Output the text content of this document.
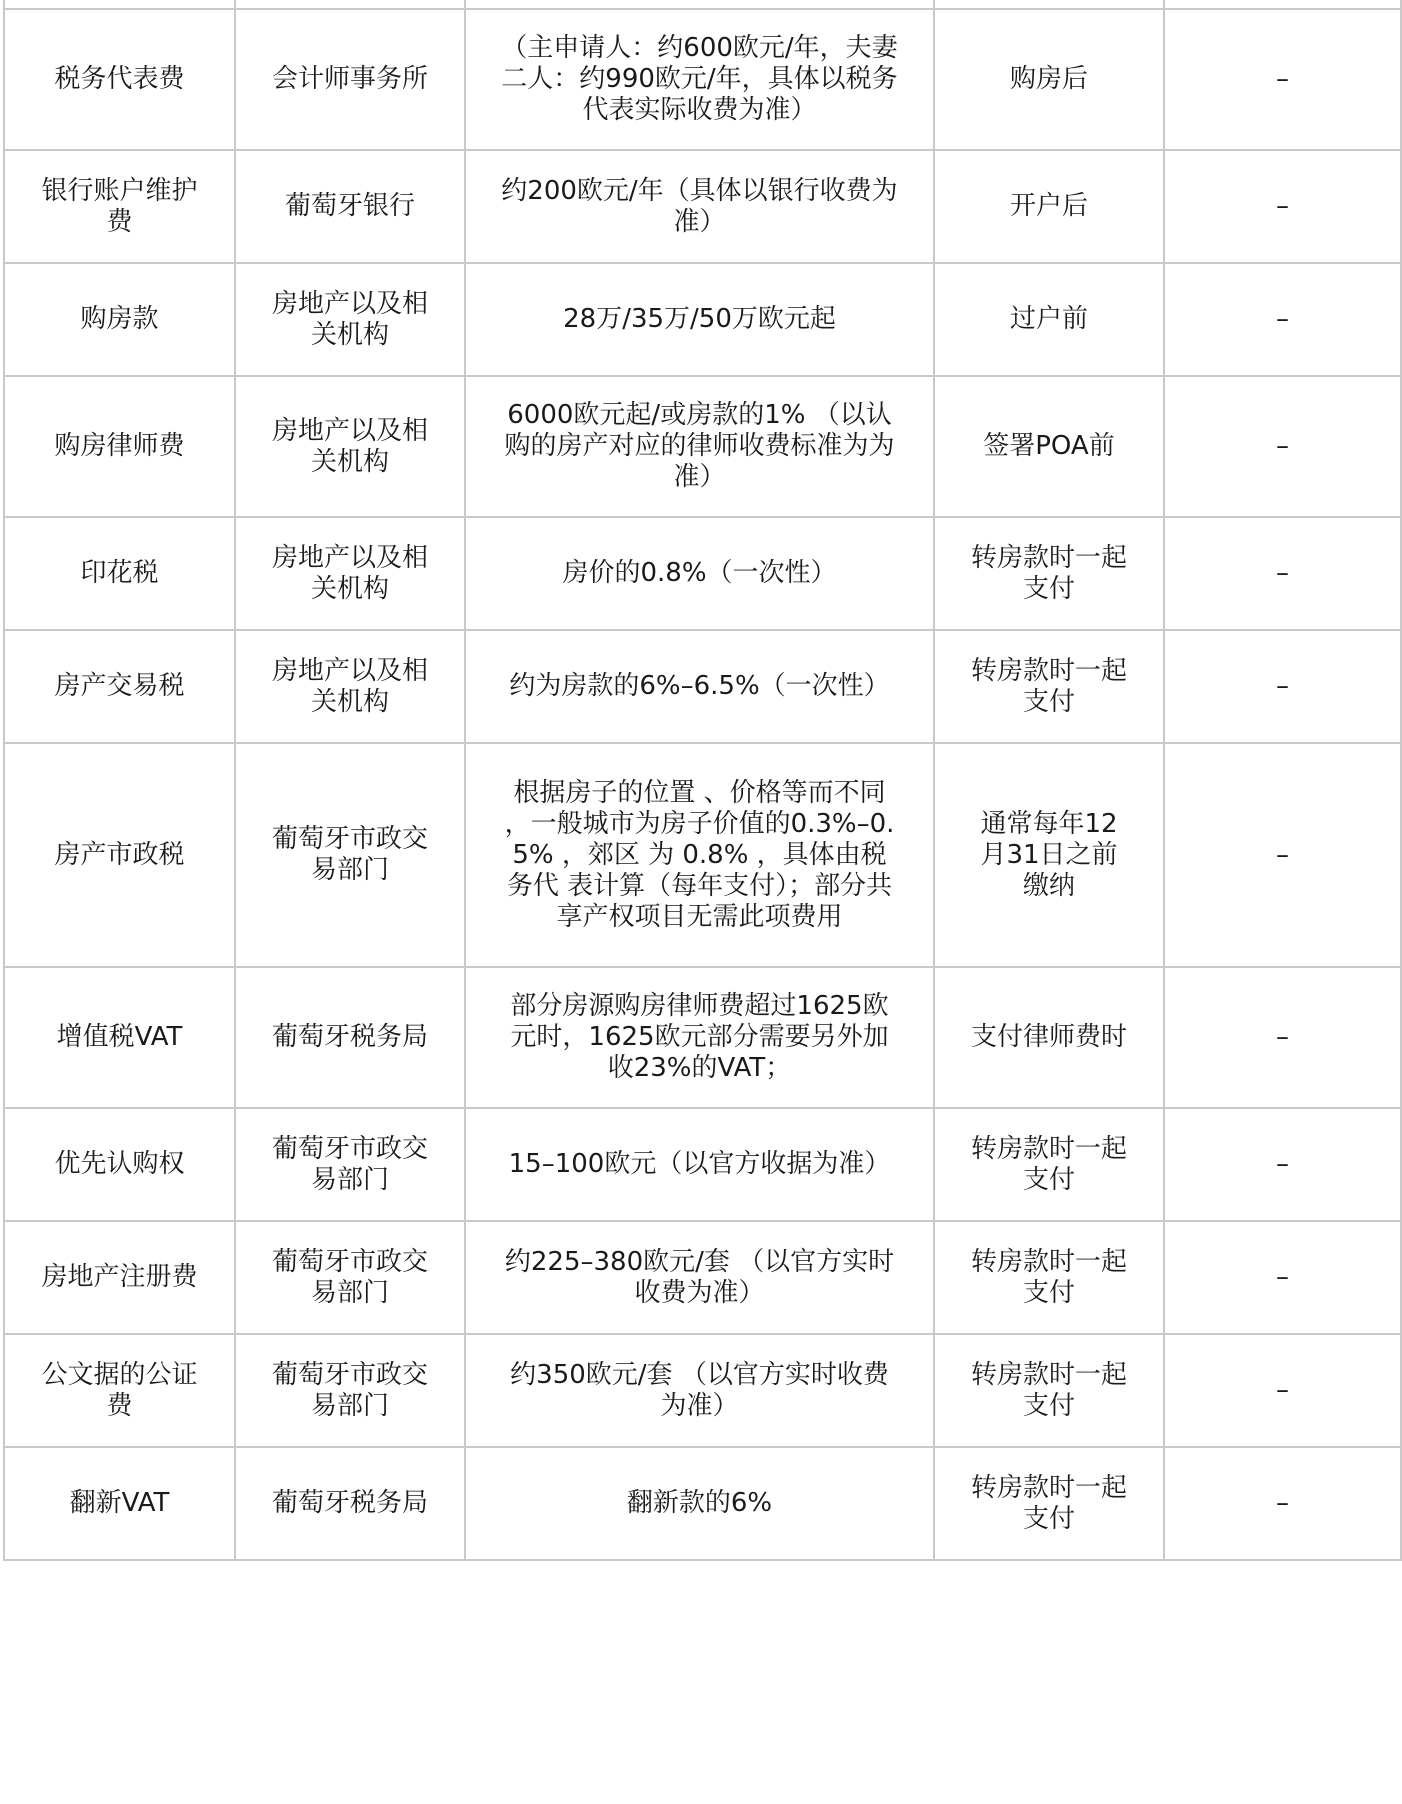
税务代表费	会计师事务所	（主申请人：约600欧元/年，夫妻二人：约990欧元/年，具体以税务代表实际收费为准）	购房后	–
银行账户维护费	葡萄牙银行	约200欧元/年（具体以银行收费为准）	开户后	–
购房款	房地产以及相关机构	28万/35万/50万欧元起	过户前	–
购房律师费	房地产以及相关机构	6000欧元起/或房款的1% （以认购的房产对应的律师收费标准为为准）	签署POA前	–
印花税	房地产以及相关机构	房价的0.8%（一次性）	转房款时一起支付	–
房产交易税	房地产以及相关机构	约为房款的6%–6.5%（一次性）	转房款时一起支付	–
房产市政税	葡萄牙市政交易部门	根据房子的位置 、价格等而不同 ，一般城市为房子价值的0.3%–0.5% ，郊区 为 0.8% ，具体由税务代 表计算（每年支付）；部分共享产权项目无需此项费用	通常每年12月31日之前缴纳	–
增值税VAT	葡萄牙税务局	部分房源购房律师费超过1625欧元时，1625欧元部分需要另外加收23%的VAT；	支付律师费时	–
优先认购权	葡萄牙市政交易部门	15–100欧元（以官方收据为准）	转房款时一起支付	–
房地产注册费	葡萄牙市政交易部门	约225–380欧元/套 （以官方实时收费为准）	转房款时一起支付	–
公文据的公证费	葡萄牙市政交易部门	约350欧元/套 （以官方实时收费为准）	转房款时一起支付	–
翻新VAT	葡萄牙税务局	翻新款的6%	转房款时一起支付	–
